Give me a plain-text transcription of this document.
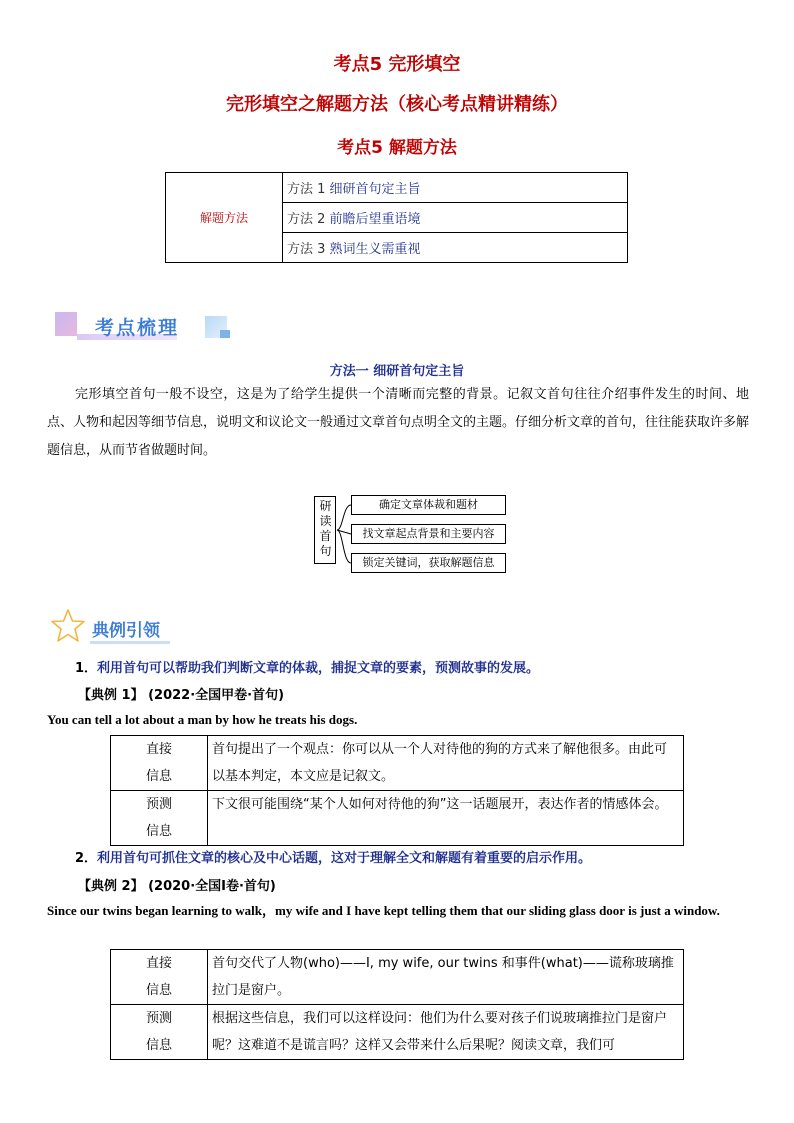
考点5 完形填空
完形填空之解题方法（核心考点精讲精练）
考点5 解题方法
解题方法	方法 1 细研首句定主旨
方法 2 前瞻后望重语境
方法 3 熟词生义需重视
考点梳理
方法一 细研首句定主旨
完形填空首句一般不设空，这是为了给学生提供一个清晰而完整的背景。记叙文首句往往介绍事件发生的时间、地点、人物和起因等细节信息，说明文和议论文一般通过文章首句点明全文的主题。仔细分析文章的首句，往往能获取许多解题信息，从而节省做题时间。
研读首句
确定文章体裁和题材
找文章起点背景和主要内容
锁定关键词，获取解题信息
典例引领
1．利用首句可以帮助我们判断文章的体裁，捕捉文章的要素，预测故事的发展。
【典例 1】 (2022·全国甲卷·首句)
You can tell a lot about a man by how he treats his dogs.
直接
信息	首句提出了一个观点：你可以从一个人对待他的狗的方式来了解他很多。由此可以基本判定，本文应是记叙文。
预测
信息	下文很可能围绕“某个人如何对待他的狗”这一话题展开，表达作者的情感体会。
2．利用首句可抓住文章的核心及中心话题，这对于理解全文和解题有着重要的启示作用。
【典例 2】 (2020·全国Ⅰ卷·首句)
Since our twins began learning to walk，my wife and I have kept telling them that our sliding glass door is just a window.
直接
信息	首句交代了人物(who)——I, my wife, our twins 和事件(what)——谎称玻璃推拉门是窗户。
预测
信息	根据这些信息，我们可以这样设问：他们为什么要对孩子们说玻璃推拉门是窗户呢？这难道不是谎言吗？这样又会带来什么后果呢？阅读文章，我们可
